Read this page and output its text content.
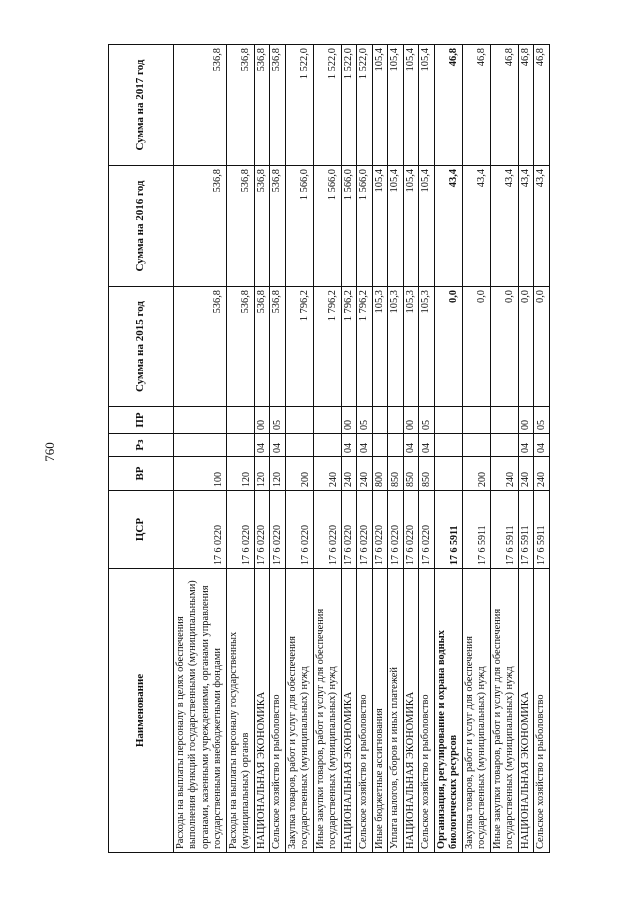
760
Наименование	ЦСР	ВР	Рз	ПР	Сумма на 2015 год	Сумма на 2016 год	Сумма на 2017 год
Расходы на выплаты персоналу в целях обеспечения выполнения функций государственными (муниципальными) органами, казенными учреждениями, органами управления государственными внебюджетными фондами	17 6 0220	100			536,8	536,8	536,8
Расходы на выплаты персоналу государственных (муниципальных) органов	17 6 0220	120			536,8	536,8	536,8
НАЦИОНАЛЬНАЯ ЭКОНОМИКА	17 6 0220	120	04	00	536,8	536,8	536,8
Сельское хозяйство и рыболовство	17 6 0220	120	04	05	536,8	536,8	536,8
Закупка товаров, работ и услуг для обеспечения государственных (муниципальных) нужд	17 6 0220	200			1 796,2	1 566,0	1 522,0
Иные закупки товаров, работ и услуг для обеспечения государственных (муниципальных) нужд	17 6 0220	240			1 796,2	1 566,0	1 522,0
НАЦИОНАЛЬНАЯ ЭКОНОМИКА	17 6 0220	240	04	00	1 796,2	1 566,0	1 522,0
Сельское хозяйство и рыболовство	17 6 0220	240	04	05	1 796,2	1 566,0	1 522,0
Иные бюджетные ассигнования	17 6 0220	800			105,3	105,4	105,4
Уплата налогов, сборов и иных платежей	17 6 0220	850			105,3	105,4	105,4
НАЦИОНАЛЬНАЯ ЭКОНОМИКА	17 6 0220	850	04	00	105,3	105,4	105,4
Сельское хозяйство и рыболовство	17 6 0220	850	04	05	105,3	105,4	105,4
Организация, регулирование и охрана водных биологических ресурсов	17 6 5911				0,0	43,4	46,8
Закупка товаров, работ и услуг для обеспечения государственных (муниципальных) нужд	17 6 5911	200			0,0	43,4	46,8
Иные закупки товаров, работ и услуг для обеспечения государственных (муниципальных) нужд	17 6 5911	240			0,0	43,4	46,8
НАЦИОНАЛЬНАЯ ЭКОНОМИКА	17 6 5911	240	04	00	0,0	43,4	46,8
Сельское хозяйство и рыболовство	17 6 5911	240	04	05	0,0	43,4	46,8
